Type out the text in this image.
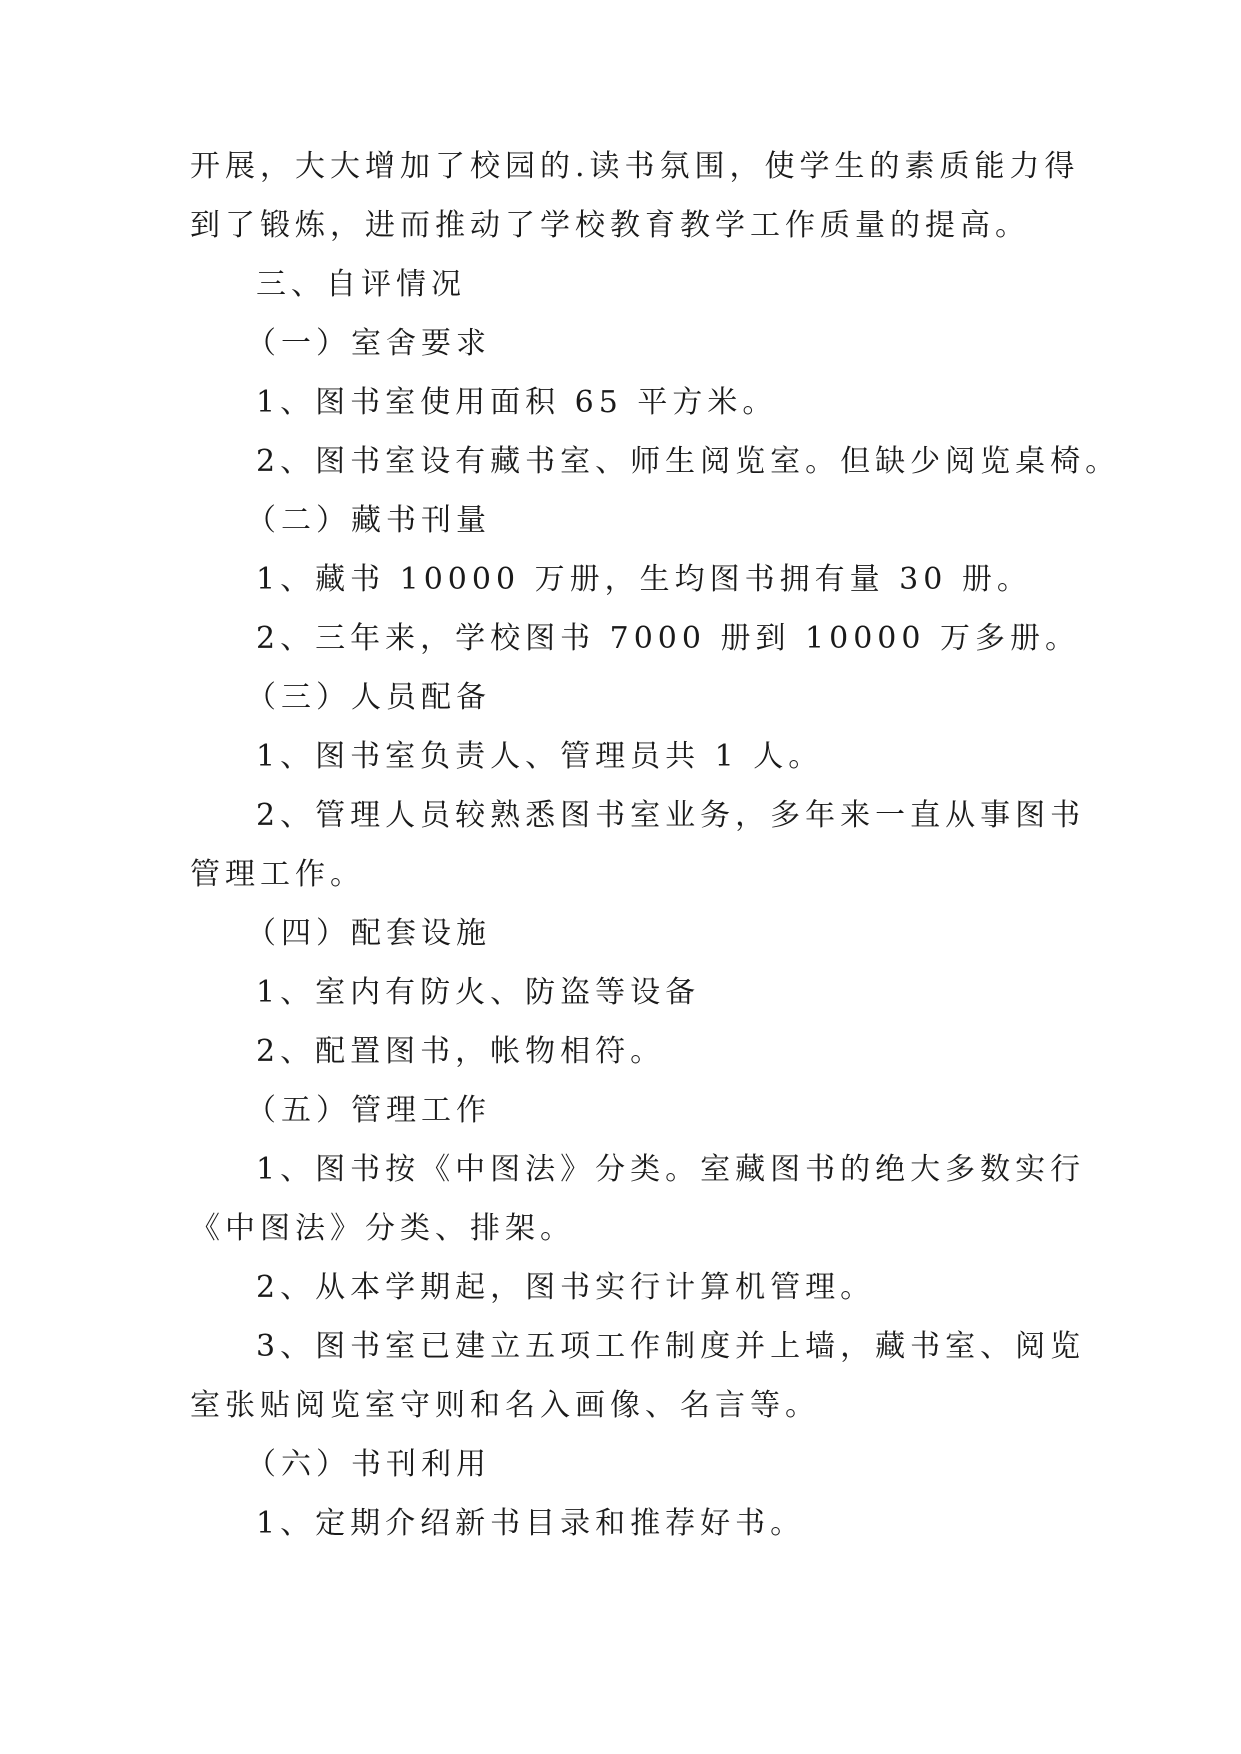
开展，大大增加了校园的.读书氛围，使学生的素质能力得
到了锻炼，进而推动了学校教育教学工作质量的提高。
三、自评情况
（一）室舍要求
1、图书室使用面积 65 平方米。
2、图书室设有藏书室、师生阅览室。但缺少阅览桌椅。
（二）藏书刊量
1、藏书 10000 万册，生均图书拥有量 30 册。
2、三年来，学校图书 7000 册到 10000 万多册。
（三）人员配备
1、图书室负责人、管理员共 1 人。
2、管理人员较熟悉图书室业务，多年来一直从事图书
管理工作。
（四）配套设施
1、室内有防火、防盗等设备
2、配置图书，帐物相符。
（五）管理工作
1、图书按《中图法》分类。室藏图书的绝大多数实行
《中图法》分类、排架。
2、从本学期起，图书实行计算机管理。
3、图书室已建立五项工作制度并上墙，藏书室、阅览
室张贴阅览室守则和名入画像、名言等。
（六）书刊利用
1、定期介绍新书目录和推荐好书。
